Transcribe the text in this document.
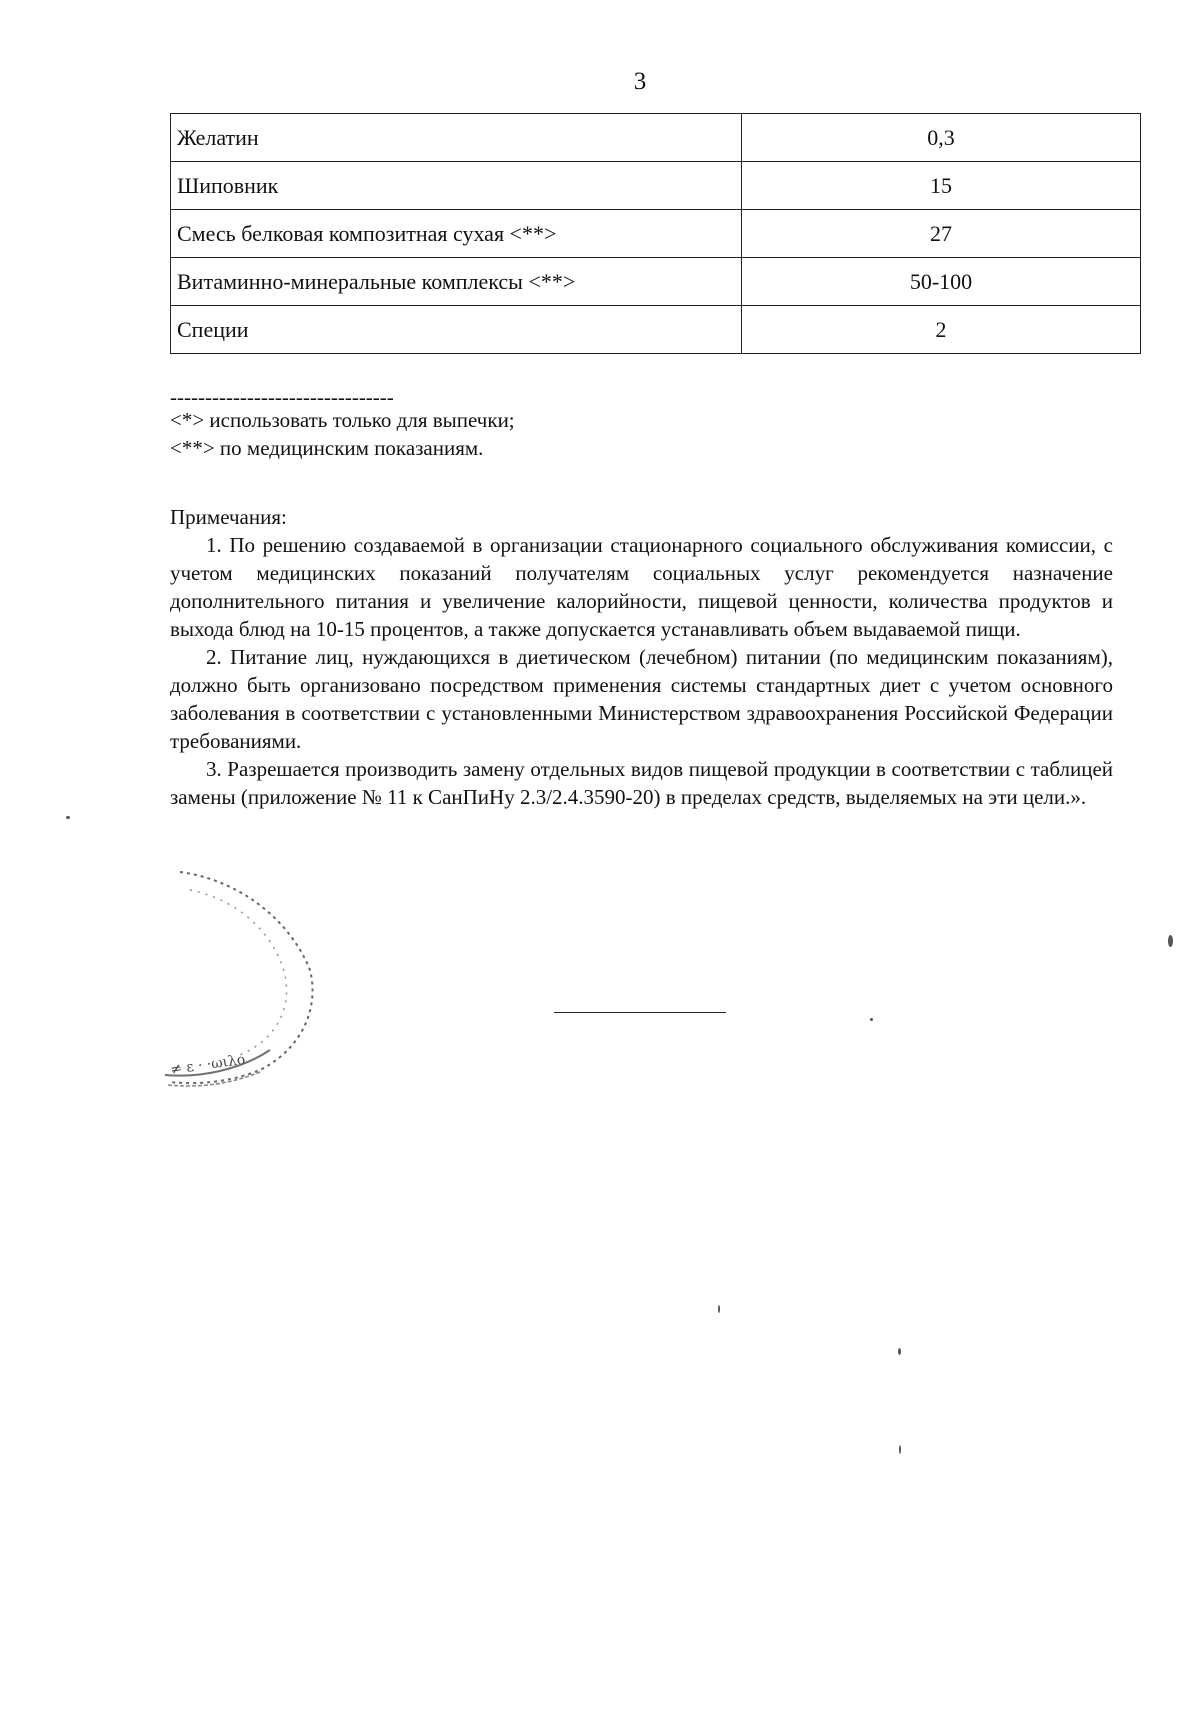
3
Желатин	0,3
Шиповник	15
Смесь белковая композитная сухая <**>	27
Витаминно-минеральные комплексы <**>	50-100
Специи	2
--------------------------------
<*> использовать только для выпечки;
<**> по медицинским показаниям.

Примечания:

1. По решению создаваемой в организации стационарного социального обслуживания комиссии, с учетом медицинских показаний получателям социальных услуг рекомендуется назначение дополнительного питания и увеличение калорийности, пищевой ценности, количества продуктов и выхода блюд на 10-15 процентов, а также допускается устанавливать объем выдаваемой пищи.

2. Питание лиц, нуждающихся в диетическом (лечебном) питании (по медицинским показаниям), должно быть организовано посредством применения системы стандартных диет с учетом основного заболевания в соответствии с установленными Министерством здравоохранения Российской Федерации требованиями.

3. Разрешается производить замену отдельных видов пищевой продукции в соответствии с таблицей замены (приложение № 11 к СанПиНу 2.3/2.4.3590-20) в пределах средств, выделяемых на эти цели.».

≠ ε · ·ωιλο
